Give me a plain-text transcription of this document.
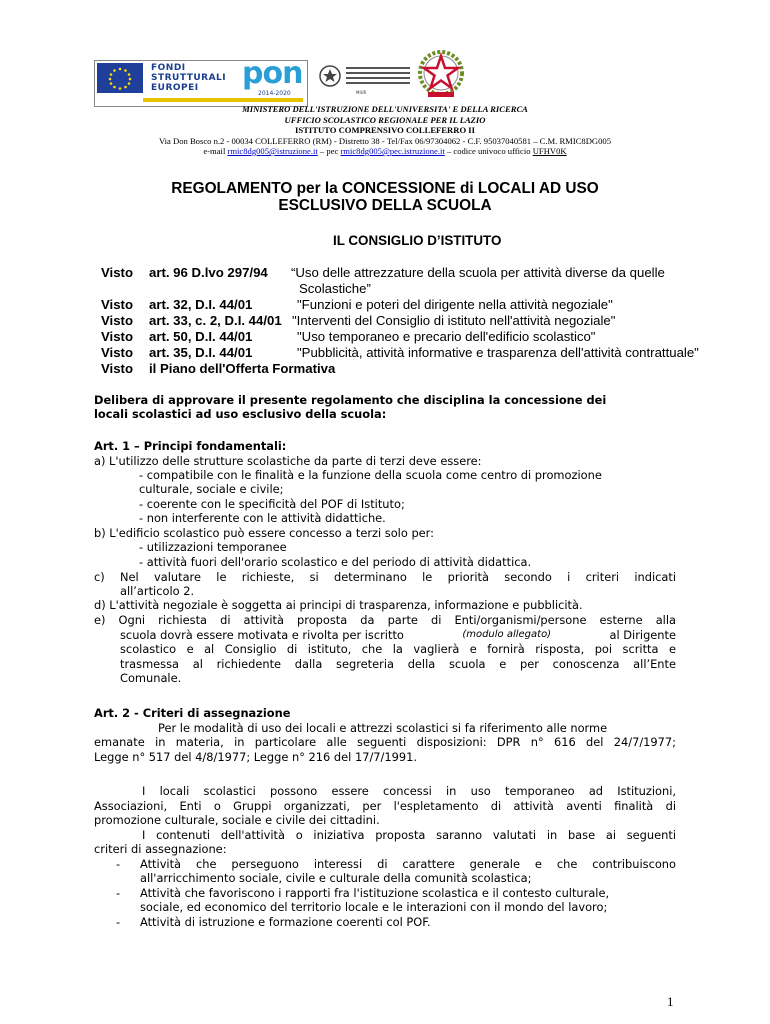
FONDI
STRUTTURALI
EUROPEI	pon
2014-2020	MIUR
MINISTERO DELL'ISTRUZIONE DELL'UNIVERSITA' E DELLA RICERCA
UFFICIO SCOLASTICO REGIONALE PER IL LAZIO
ISTITUTO COMPRENSIVO COLLEFERRO II
Via Don Bosco n.2 - 00034 COLLEFERRO (RM) - Distretto 38 - Tel/Fax 06/97304062 - C.F. 95037040581 – C.M. RMIC8DG005
e-mail rmic8dg005@istruzione.it – pec rmic8dg005@pec.istruzione.it – codice univoco ufficio UFHV0K
REGOLAMENTO per la CONCESSIONE di LOCALI AD USO
ESCLUSIVO DELLA SCUOLA
IL CONSIGLIO D’ISTITUTO
Visto art. 96 D.lvo 297/94 “Uso delle attrezzature della scuola per attività diverse da quelle
Scolastiche”
Visto art. 32, D.I. 44/01	"Funzioni e poteri del dirigente nella attività negoziale"
Visto art. 33, c. 2, D.I. 44/01 "Interventi del Consiglio di istituto nell'attività negoziale"
Visto art. 50, D.I. 44/01	"Uso temporaneo e precario dell'edificio scolastico"
Visto art. 35, D.I. 44/01	"Pubblicità, attività informative e trasparenza dell'attività contrattuale"
Visto il Piano dell'Offerta Formativa
Delibera di approvare il presente regolamento che disciplina la concessione dei
locali scolastici ad uso esclusivo della scuola:
Art. 1 – Principi fondamentali:
a) L'utilizzo delle strutture scolastiche da parte di terzi deve essere:
- compatibile con le finalità e la funzione della scuola come centro di promozione
culturale, sociale e civile;
- coerente con le specificità del POF di Istituto;
- non interferente con le attività didattiche.
b) L'edificio scolastico può essere concesso a terzi solo per:
- utilizzazioni temporanee
- attività fuori dell'orario scolastico e del periodo di attività didattica.
c) Nel valutare le richieste, si determinano le priorità secondo i criteri indicati
all’articolo 2.
d) L'attività negoziale è soggetta ai principi di trasparenza, informazione e pubblicità.
e) Ogni richiesta di attività proposta da parte di Enti/organismi/persone esterne alla
scuola dovrà essere motivata e rivolta per iscritto	(modulo allegato)	al Dirigente
scolastico e al Consiglio di istituto, che la vaglierà e fornirà risposta, poi scritta e
trasmessa al richiedente dalla segreteria della scuola e per conoscenza all’Ente
Comunale.
Art. 2 - Criteri di assegnazione
Per le modalità di uso dei locali e attrezzi scolastici si fa riferimento alle norme
emanate in materia, in particolare alle seguenti disposizioni: DPR n° 616 del 24/7/1977;
Legge n° 517 del 4/8/1977; Legge n° 216 del 17/7/1991.
I locali scolastici possono essere concessi in uso temporaneo ad Istituzioni,
Associazioni, Enti o Gruppi organizzati, per l'espletamento di attività aventi finalità di
promozione culturale, sociale e civile dei cittadini.
I contenuti dell'attività o iniziativa proposta saranno valutati in base ai seguenti
criteri di assegnazione:
- Attività che perseguono interessi di carattere generale e che contribuiscono
all'arricchimento sociale, civile e culturale della comunità scolastica;
- Attività che favoriscono i rapporti fra l'istituzione scolastica e il contesto culturale,
sociale, ed economico del territorio locale e le interazioni con il mondo del lavoro;
- Attività di istruzione e formazione coerenti col POF.
1
